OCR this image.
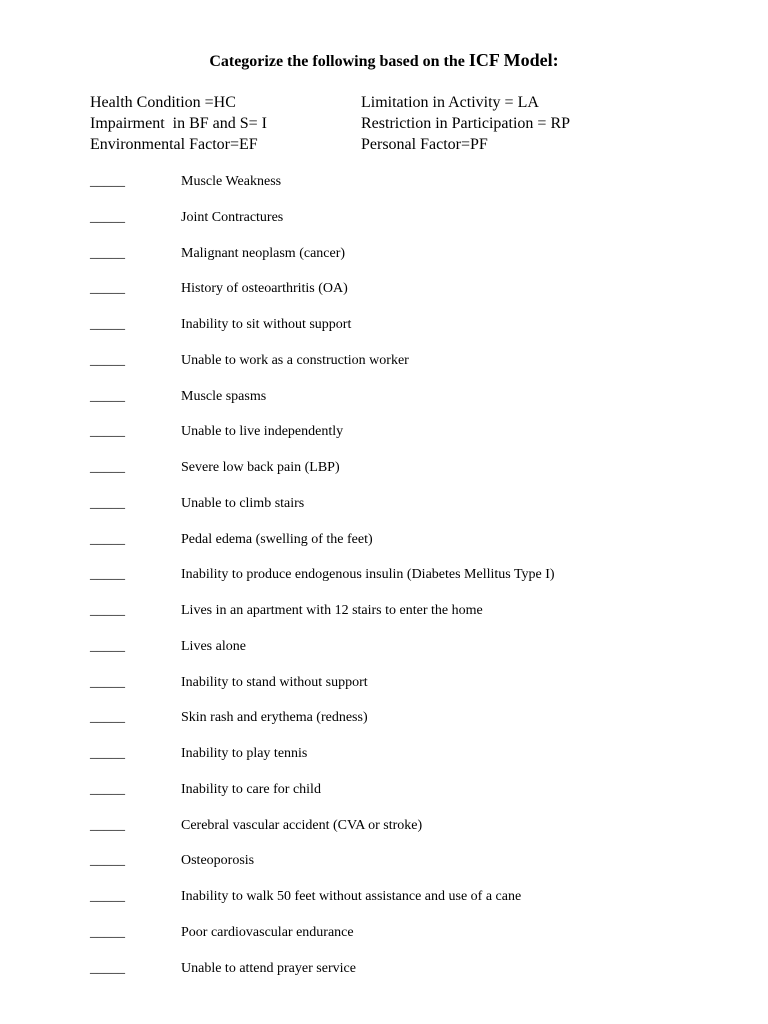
Categorize the following based on the ICF Model:
Health Condition =HC	Limitation in Activity = LA
Impairment  in BF and S= I	Restriction in Participation = RP
Environmental Factor=EF	Personal Factor=PF
_____	Muscle Weakness
_____	Joint Contractures
_____	Malignant neoplasm (cancer)
_____	History of osteoarthritis (OA)
_____	Inability to sit without support
_____	Unable to work as a construction worker
_____	Muscle spasms
_____	Unable to live independently
_____	Severe low back pain (LBP)
_____	Unable to climb stairs
_____	Pedal edema (swelling of the feet)
_____	Inability to produce endogenous insulin (Diabetes Mellitus Type I)
_____	Lives in an apartment with 12 stairs to enter the home
_____	Lives alone
_____	Inability to stand without support
_____	Skin rash and erythema (redness)
_____	Inability to play tennis
_____	Inability to care for child
_____	Cerebral vascular accident (CVA or stroke)
_____	Osteoporosis
_____	Inability to walk 50 feet without assistance and use of a cane
_____	Poor cardiovascular endurance
_____	Unable to attend prayer service
